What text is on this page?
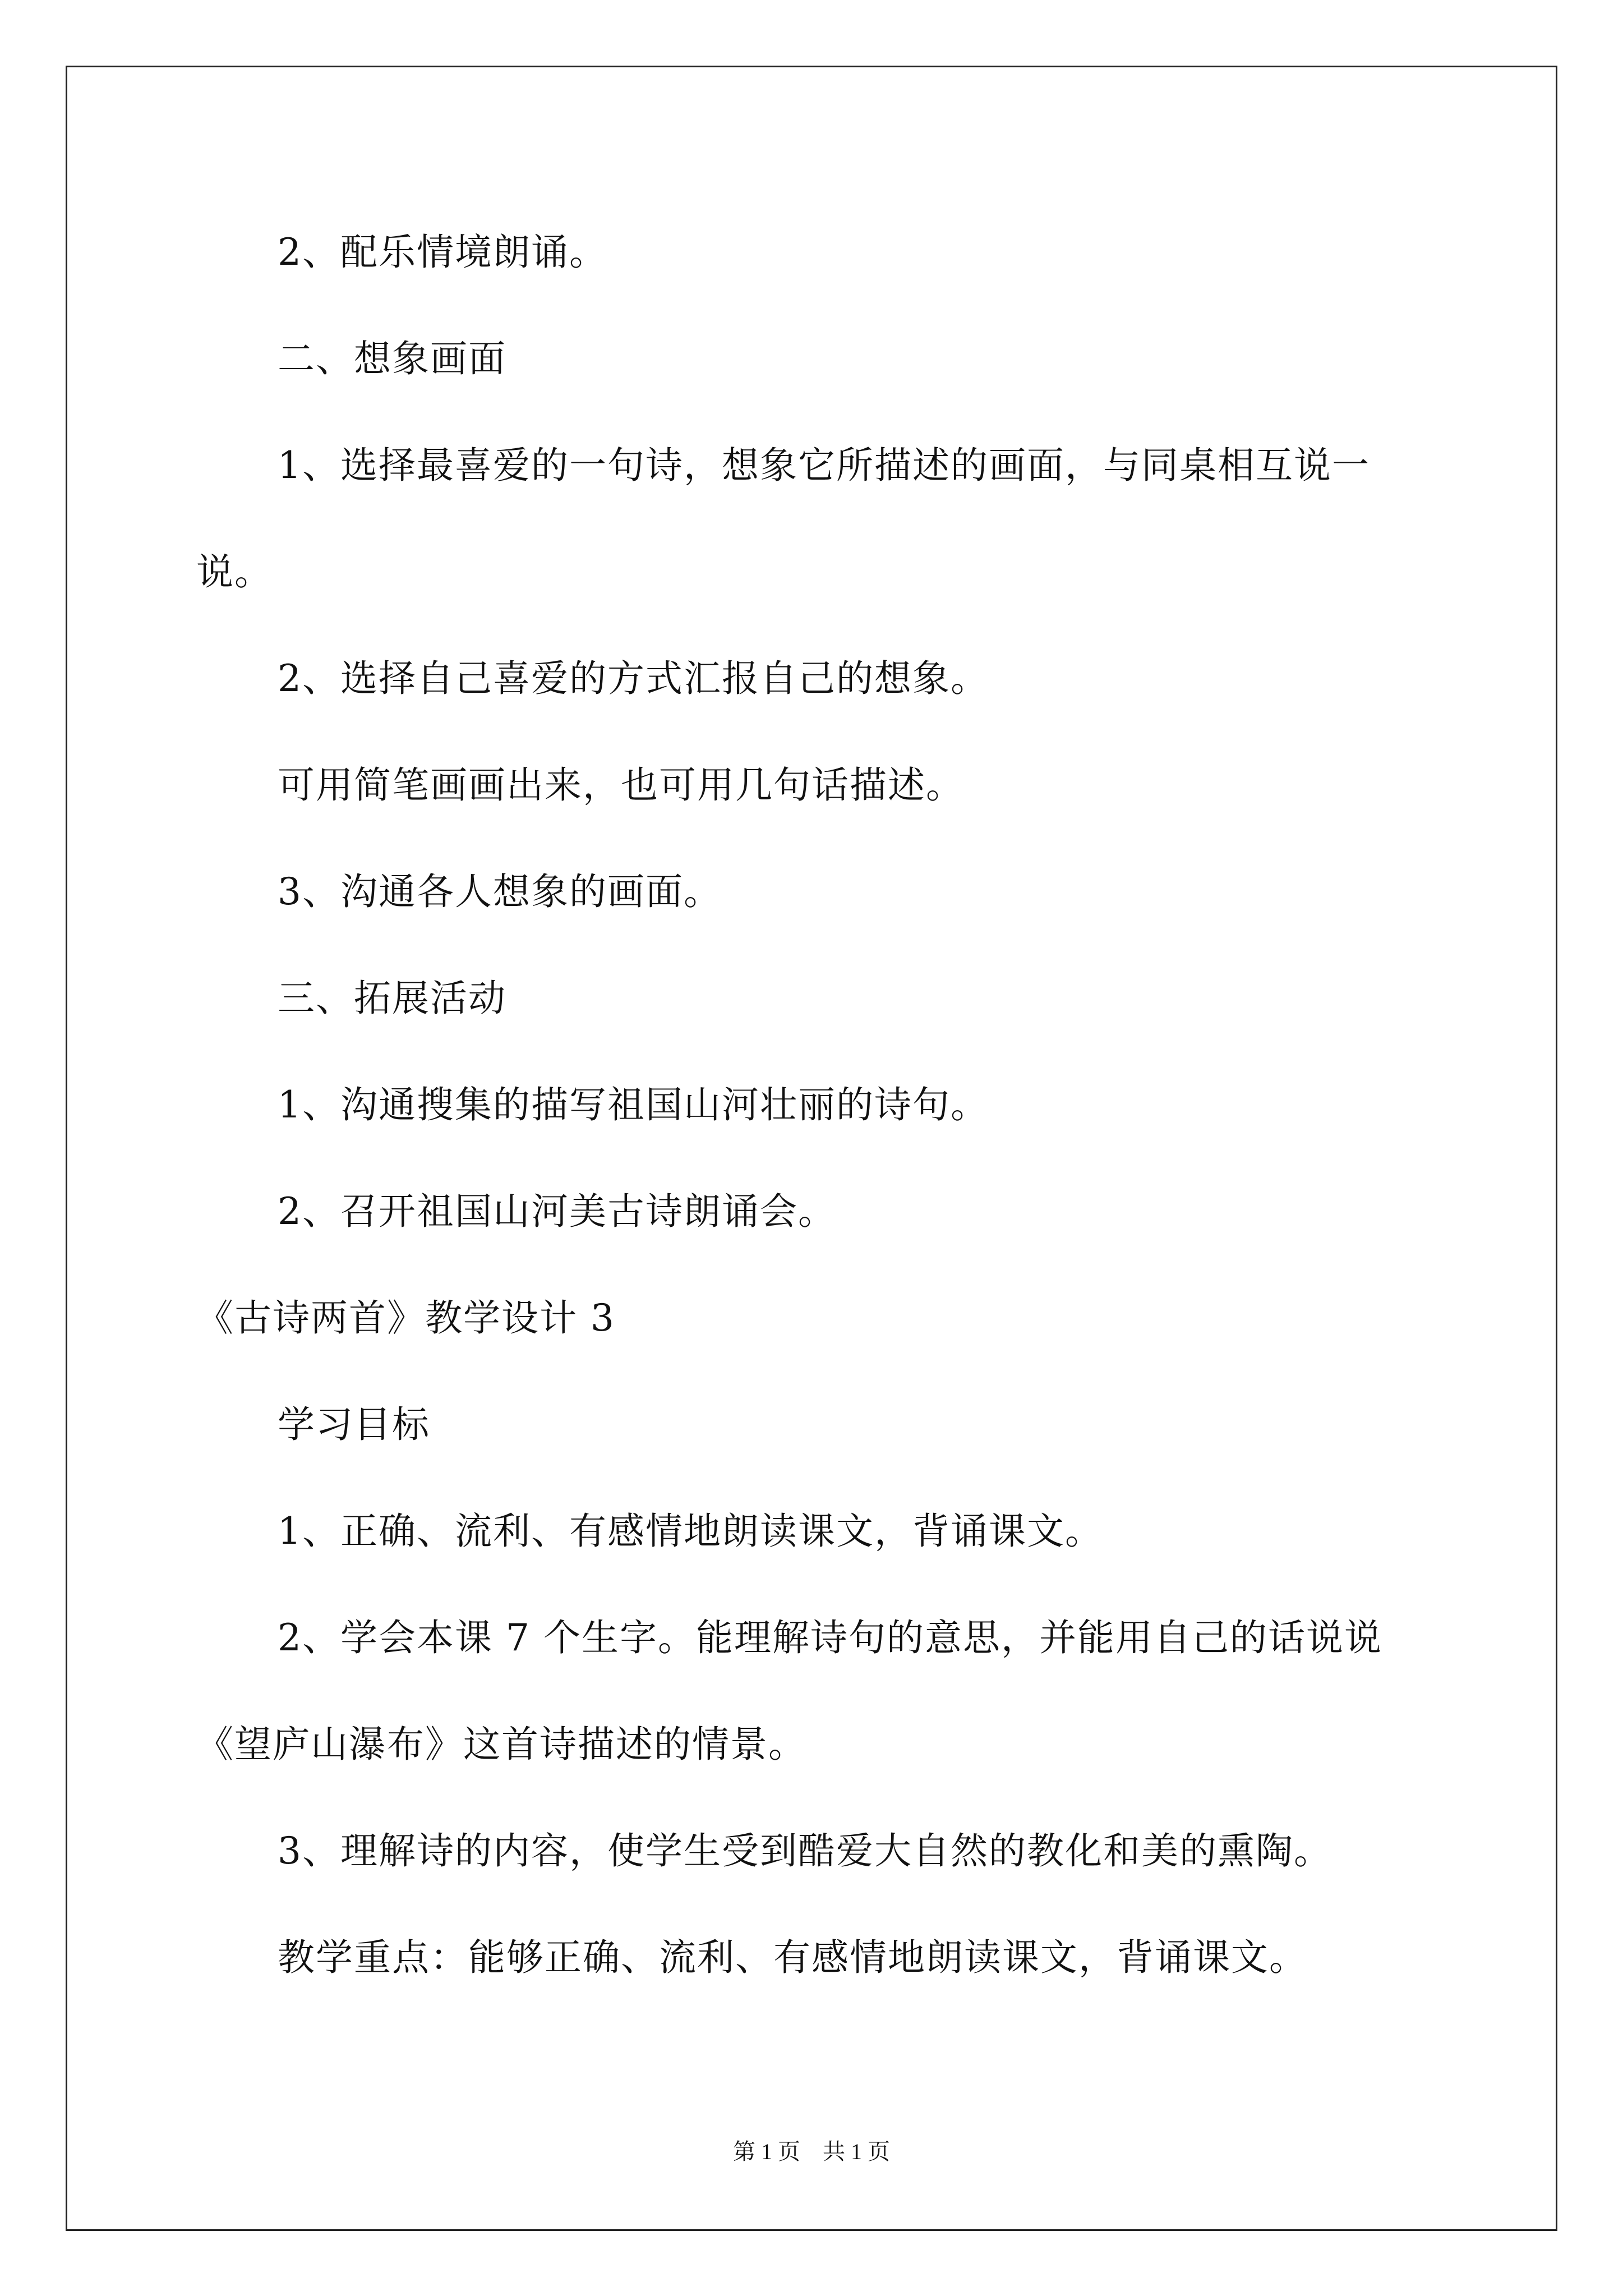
2、配乐情境朗诵。
二、想象画面
1、选择最喜爱的一句诗，想象它所描述的画面，与同桌相互说一
说。
2、选择自己喜爱的方式汇报自己的想象。
可用简笔画画出来，也可用几句话描述。
3、沟通各人想象的画面。
三、拓展活动
1、沟通搜集的描写祖国山河壮丽的诗句。
2、召开祖国山河美古诗朗诵会。
《古诗两首》教学设计 3
学习目标
1、正确、流利、有感情地朗读课文，背诵课文。
2、学会本课 7 个生字。能理解诗句的意思，并能用自己的话说说
《望庐山瀑布》这首诗描述的情景。
3、理解诗的内容，使学生受到酷爱大自然的教化和美的熏陶。
教学重点：能够正确、流利、有感情地朗读课文，背诵课文。
第 1 页　共 1 页
